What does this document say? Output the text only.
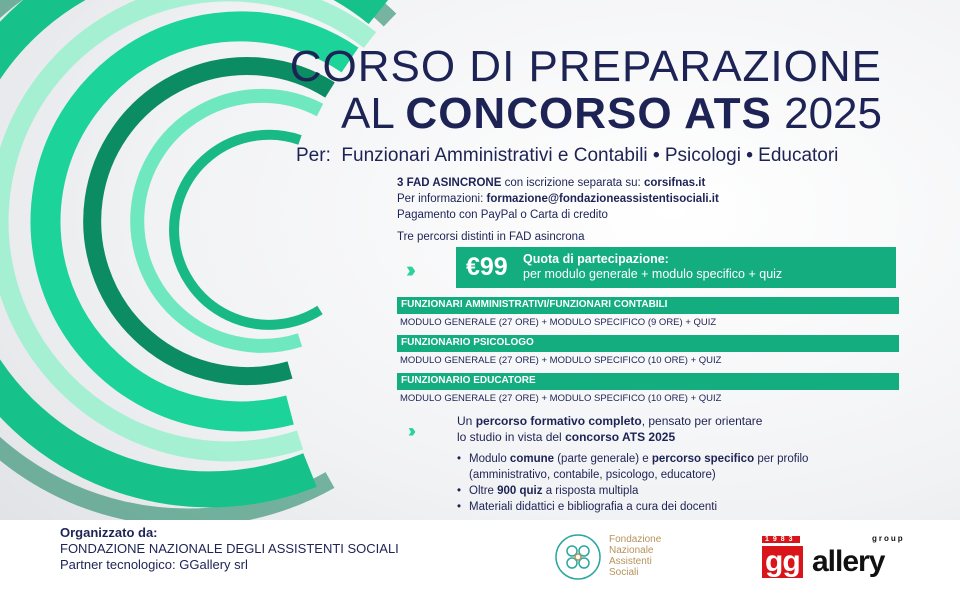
CORSO DI PREPARAZIONE
AL CONCORSO ATS 2025
Per: Funzionari Amministrativi e Contabili • Psicologi • Educatori
3 FAD ASINCRONE con iscrizione separata su: corsifnas.it
Per informazioni: formazione@fondazioneassistentisociali.it
Pagamento con PayPal o Carta di credito
Tre percorsi distinti in FAD asincrona
››› €99 Quota di partecipazione:
per modulo generale + modulo specifico + quiz
FUNZIONARI AMMINISTRATIVI/FUNZIONARI CONTABILI
MODULO GENERALE (27 ORE) + MODULO SPECIFICO (9 ORE) + QUIZ
FUNZIONARIO PSICOLOGO
MODULO GENERALE (27 ORE) + MODULO SPECIFICO (10 ORE) + QUIZ
FUNZIONARIO EDUCATORE
MODULO GENERALE (27 ORE) + MODULO SPECIFICO (10 ORE) + QUIZ
›››	Un percorso formativo completo, pensato per orientare
lo studio in vista del concorso ATS 2025
• Modulo comune (parte generale) e percorso specifico per profilo
(amministrativo, contabile, psicologo, educatore)
• Oltre 900 quiz a risposta multipla
• Materiali didattici e bibliografia a cura dei docenti
Organizzato da:
FONDAZIONE NAZIONALE DEGLI ASSISTENTI SOCIALI
Partner tecnologico: GGallery srl
Fondazione
Nazionale
Assistenti
Sociali
1983	group
gg allery
